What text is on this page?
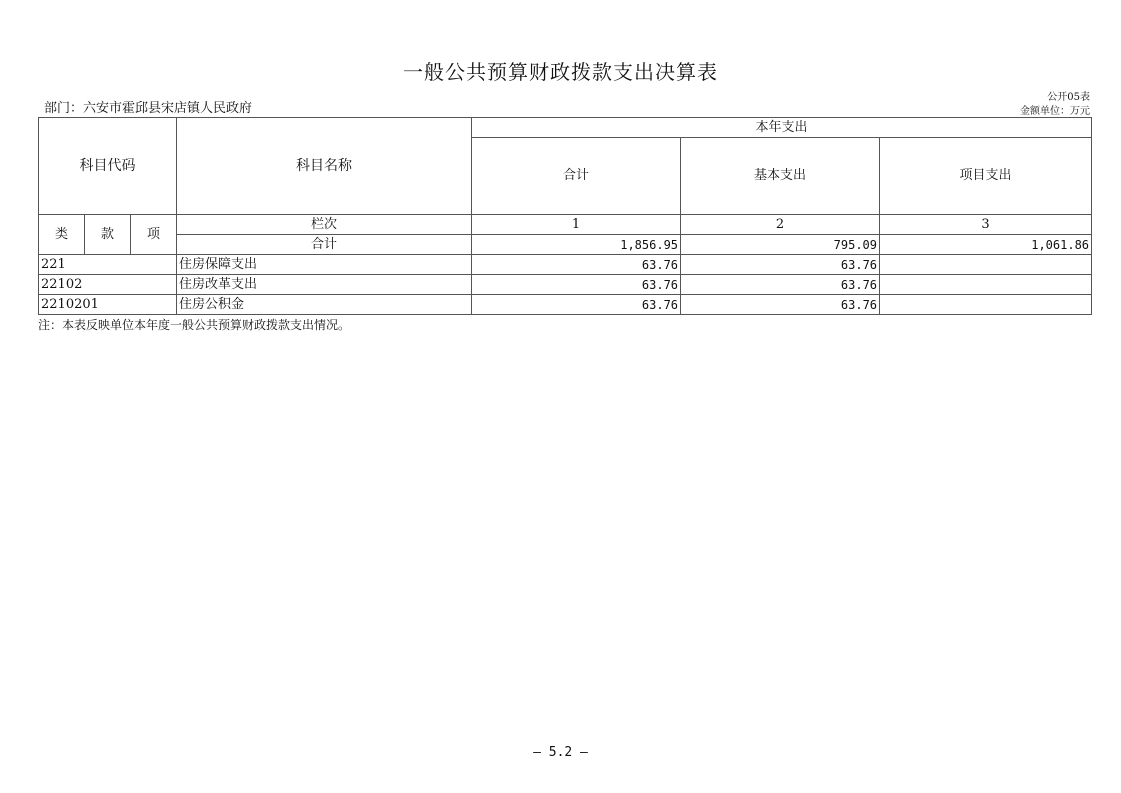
一般公共预算财政拨款支出决算表
公开05表
金额单位：万元
部门：六安市霍邱县宋店镇人民政府
科目代码			科目名称	本年支出		
				合计	基本支出	项目支出
类	款	项	栏次	1	2	3
			合计	1,856.95	795.09	1,061.86
221			住房保障支出	63.76	63.76	
22102			住房改革支出	63.76	63.76	
2210201			住房公积金	63.76	63.76	
注：本表反映单位本年度一般公共预算财政拨款支出情况。
— 5.2 —
